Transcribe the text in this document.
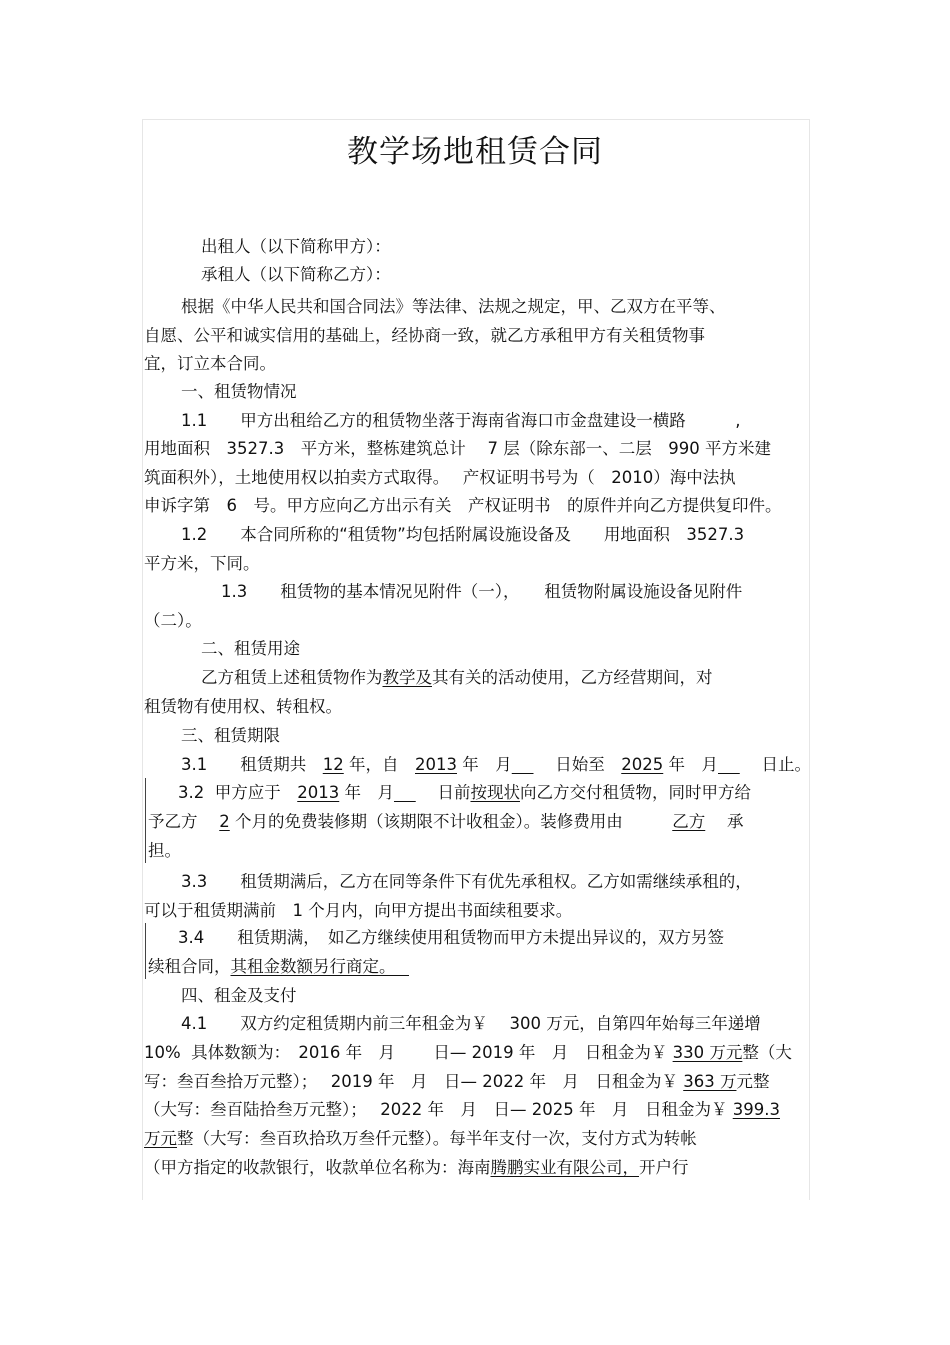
教学场地租赁合同
出租人（以下简称甲方）：
承租人（以下简称乙方）：
根据《中华人民共和国合同法》等法律、法规之规定，甲、乙双方在平等、
自愿、公平和诚实信用的基础上，经协商一致，就乙方承租甲方有关租赁物事
宜，订立本合同。
一、租赁物情况
1.1　　甲方出租给乙方的租赁物坐落于海南省海口市金盘建设一横路　　　,
用地面积　3527.3　平方米，整栋建筑总计　 7 层（除东部一、二层　990 平方米建
筑面积外），土地使用权以拍卖方式取得。　 产权证明书号为（　2010）海中法执
申诉字第　6　号。甲方应向乙方出示有关　产权证明书　的原件并向乙方提供复印件。
1.2　　本合同所称的“租赁物”均包括附属设施设备及　　用地面积　3527.3
平方米，下同。
1.3　　租赁物的基本情况见附件（一），　　租赁物附属设施设备见附件
（二）。
二、租赁用途
乙方租赁上述租赁物作为教学及其有关的活动使用，乙方经营期间，对
租赁物有使用权、转租权。
三、租赁期限
3.1　　租赁期共　12 年，自　2013 年　月　 　 日始至　2025 年　月　 　 日止。
3.2  甲方应于　2013 年　月　 　 日前按现状向乙方交付租赁物，同时甲方给
予乙方　 2 个月的免费装修期（该期限不计收租金）。装修费用由　　　乙方　 承
担。
3.3　　租赁期满后，乙方在同等条件下有优先承租权。乙方如需继续承租的，
可以于租赁期满前　1 个月内，向甲方提出书面续租要求。
3.4　　租赁期满，　如乙方继续使用租赁物而甲方未提出异议的，双方另签
续租合同，其租金数额另行商定。　
四、租金及支付
4.1　　双方约定租赁期内前三年租金为￥　 300 万元，自第四年始每三年递增
10%  具体数额为：　2016 年　月　　 日— 2019 年　月　日租金为￥ 330 万元整（大
写：叁百叁拾万元整）；　 2019 年　月　日— 2022 年　月　日租金为￥ 363 万元整
（大写：叁百陆拾叁万元整）；　 2022 年　月　日— 2025 年　月　日租金为￥ 399.3
万元整（大写：叁百玖拾玖万叁仟元整）。每半年支付一次，支付方式为转帐
（甲方指定的收款银行，收款单位名称为：海南腾鹏实业有限公司，开户行
